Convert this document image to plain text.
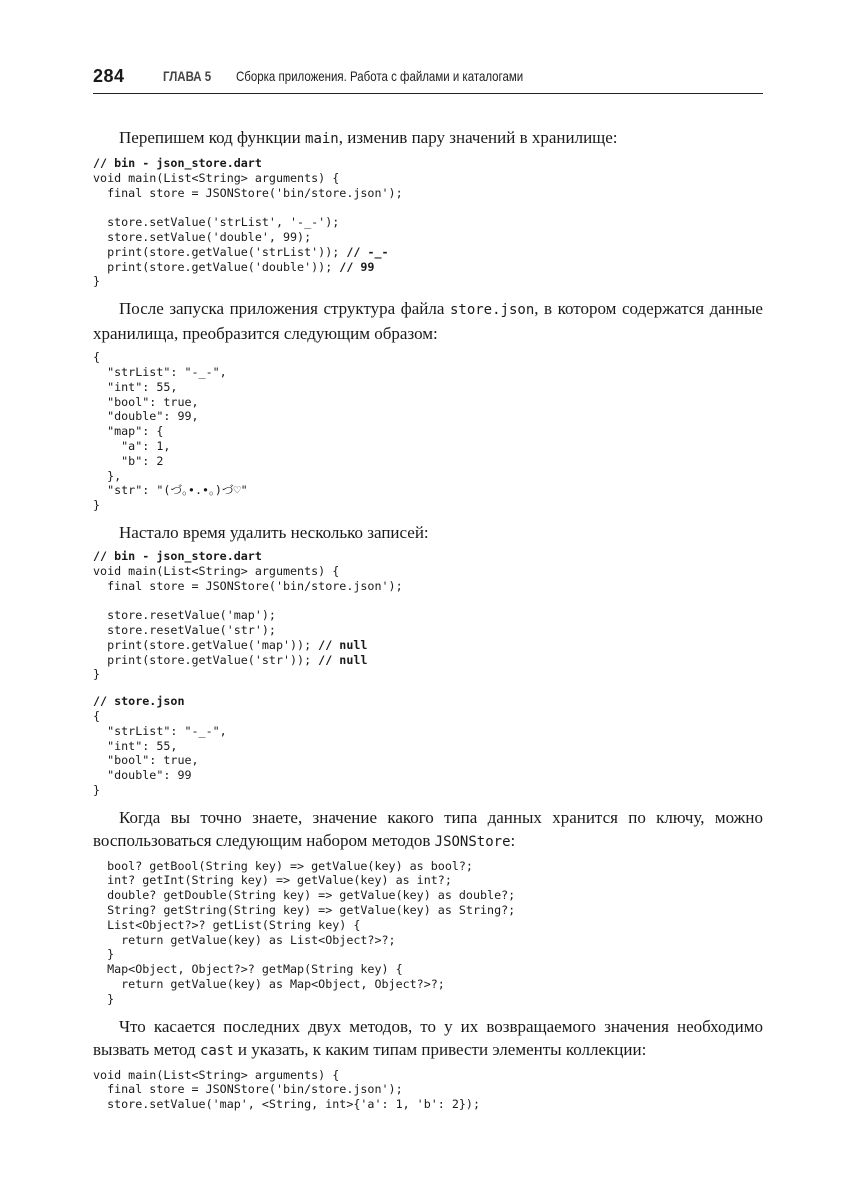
284	ГЛАВА 5 Сборка приложения. Работа с файлами и каталогами

Перепишем код функции main, изменив пару значений в хранилище:

// bin - json_store.dart
void main(List<String> arguments) {
final store = JSONStore('bin/store.json');

store.setValue('strList', '-_-');
store.setValue('double', 99);
print(store.getValue('strList')); // -_-
print(store.getValue('double')); // 99
}

После запуска приложения структура файла store.json, в котором содержатся данные хранилища, преобразится следующим образом:

{
"strList": "-_-",
"int": 55,
"bool": true,
"double": 99,
"map": {
"a": 1,
"b": 2
},
"str": "(づ｡•.•｡)づ♡"
}

Настало время удалить несколько записей:

// bin - json_store.dart
void main(List<String> arguments) {
final store = JSONStore('bin/store.json');

store.resetValue('map');
store.resetValue('str');
print(store.getValue('map')); // null
print(store.getValue('str')); // null
}
// store.json
{
"strList": "-_-",
"int": 55,
"bool": true,
"double": 99
}

Когда вы точно знаете, значение какого типа данных хранится по ключу, можно воспользоваться следующим набором методов JSONStore:

bool? getBool(String key) => getValue(key) as bool?;
int? getInt(String key) => getValue(key) as int?;
double? getDouble(String key) => getValue(key) as double?;
String? getString(String key) => getValue(key) as String?;
List<Object?>? getList(String key) {
return getValue(key) as List<Object?>?;
}
Map<Object, Object?>? getMap(String key) {
return getValue(key) as Map<Object, Object?>?;
}

Что касается последних двух методов, то у их возвращаемого значения необходимо вызвать метод cast и указать, к каким типам привести элементы коллекции:

void main(List<String> arguments) {
final store = JSONStore('bin/store.json');
store.setValue('map', <String, int>{'a': 1, 'b': 2});
